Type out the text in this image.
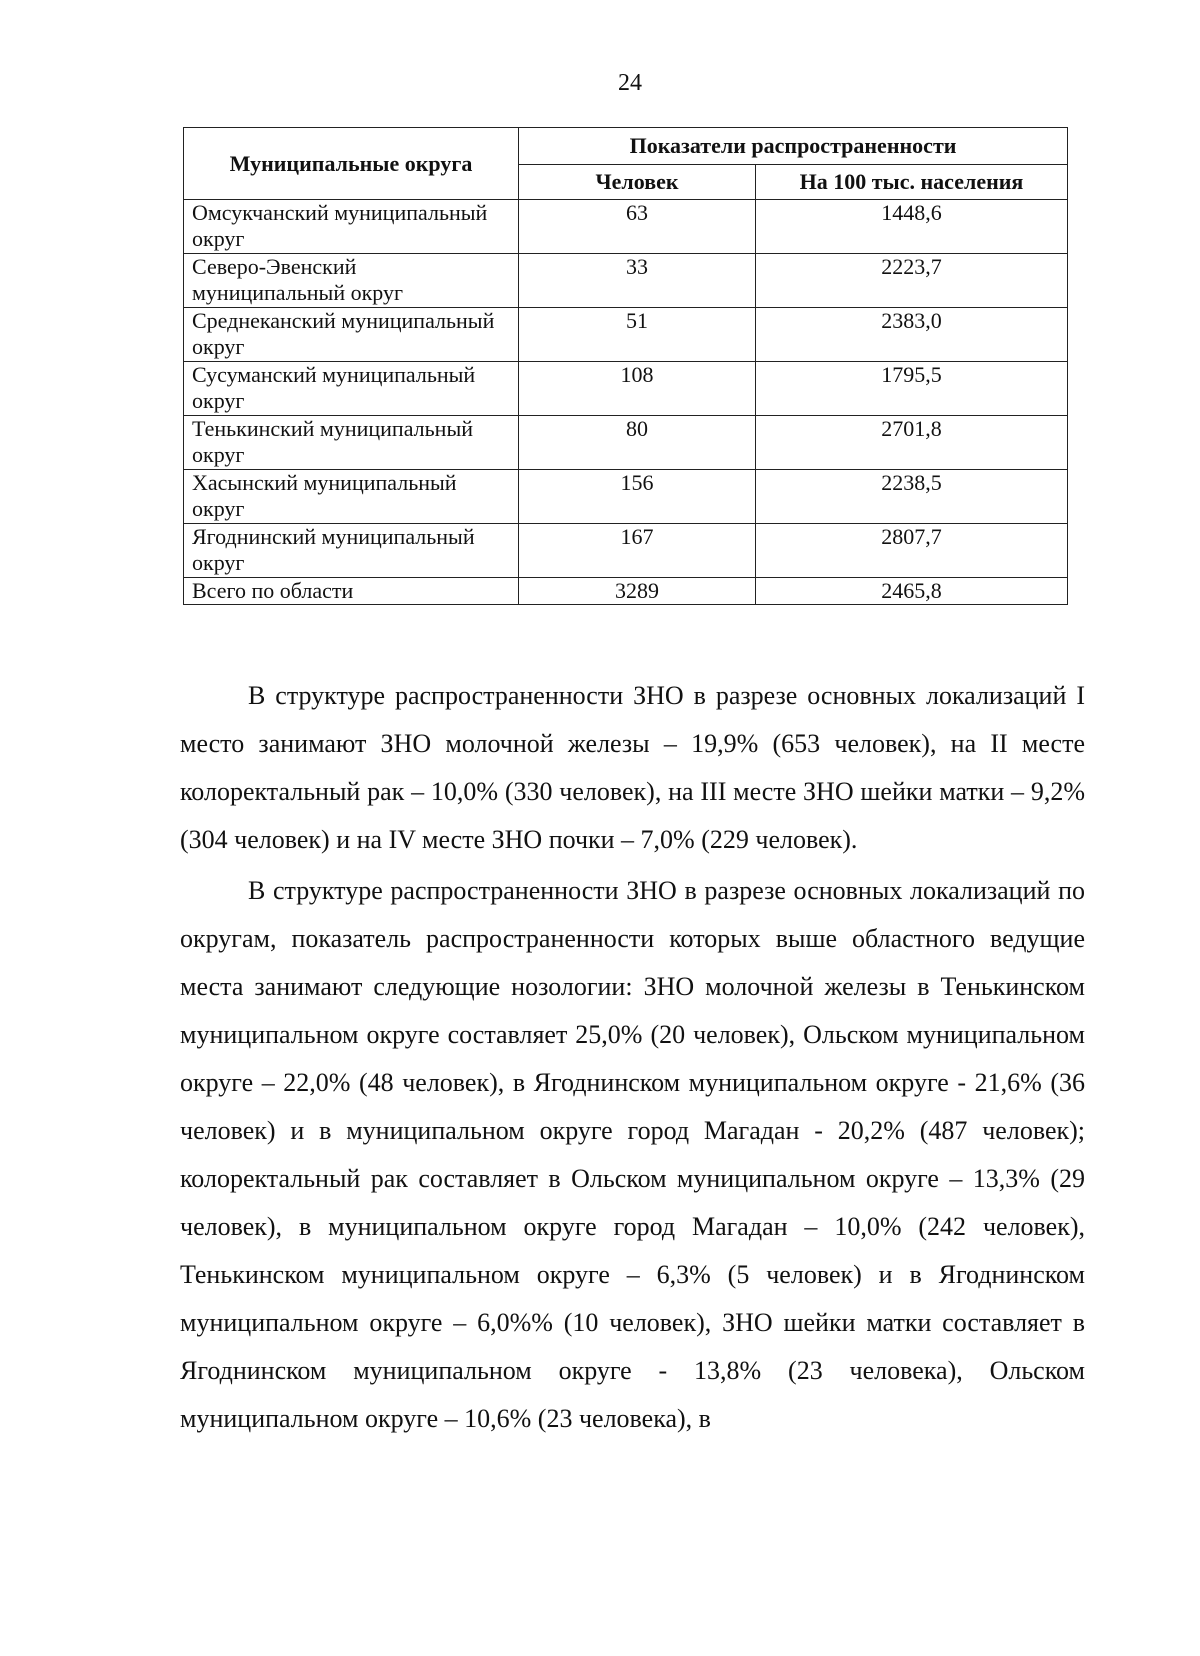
24
Муниципальные округа	Показатели распространенности	
	Человек	На 100 тыс. населения
Омсукчанский муниципальный округ	63	1448,6
Северо-Эвенский муниципальный округ	33	2223,7
Среднеканский муниципальный округ	51	2383,0
Сусуманский муниципальный округ	108	1795,5
Тенькинский муниципальный округ	80	2701,8
Хасынский муниципальный округ	156	2238,5
Ягоднинский муниципальный округ	167	2807,7
Всего по области	3289	2465,8

В структуре распространенности ЗНО в разрезе основных локализаций I место занимают ЗНО молочной железы – 19,9% (653 человек), на II месте колоректальный рак – 10,0% (330 человек), на III месте ЗНО шейки матки – 9,2% (304 человек) и на IV месте ЗНО почки – 7,0% (229 человек).

В структуре распространенности ЗНО в разрезе основных локализаций по округам, показатель распространенности которых выше областного ведущие места занимают следующие нозологии: ЗНО молочной железы в Тенькинском муниципальном округе составляет 25,0% (20 человек), Ольском муниципальном округе – 22,0% (48 человек), в Ягоднинском муниципальном округе - 21,6% (36 человек) и в муниципальном округе город Магадан - 20,2% (487 человек); колоректальный рак составляет в Ольском муниципальном округе – 13,3% (29 человек), в муниципальном округе город Магадан – 10,0% (242 человек), Тенькинском муниципальном округе – 6,3% (5 человек) и в Ягоднинском муниципальном округе – 6,0%% (10 человек), ЗНО шейки матки составляет в Ягоднинском муниципальном округе - 13,8% (23 человека), Ольском муниципальном округе – 10,6% (23 человека), в
